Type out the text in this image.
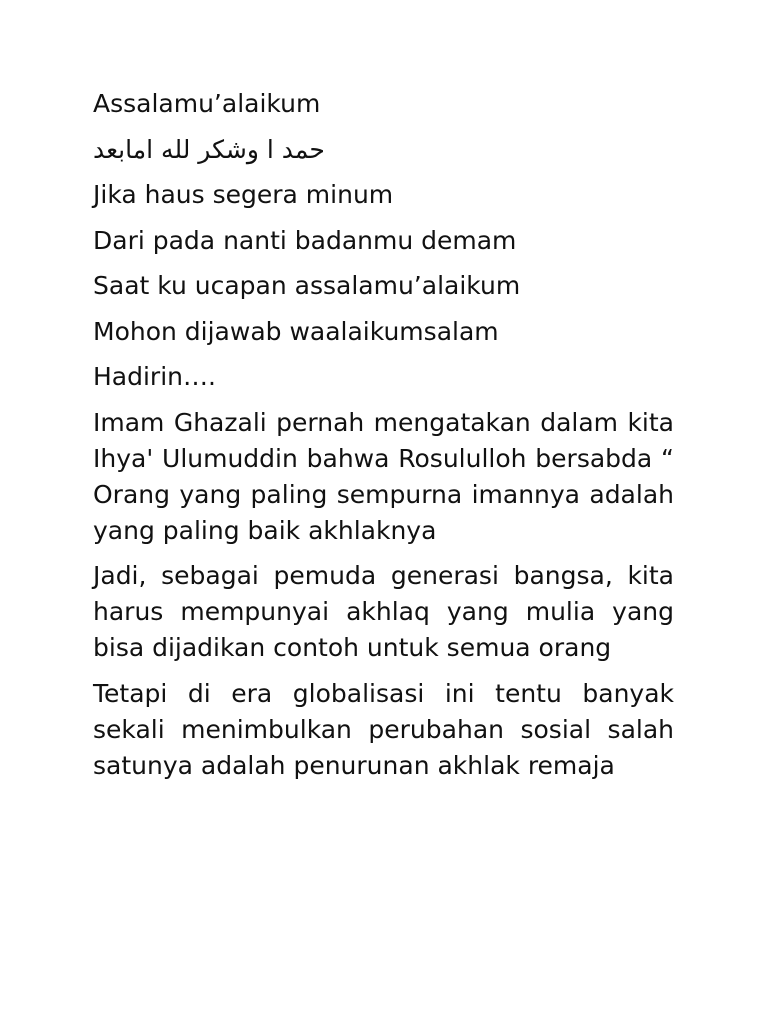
Assalamu’alaikum
حمد ا وشكر لله امابعد
Jika haus segera minum
Dari pada nanti badanmu demam
Saat ku ucapan assalamu’alaikum
Mohon dijawab waalaikumsalam
Hadirin….
Imam Ghazali pernah mengatakan dalam kita Ihya' Ulumuddin bahwa Rosululloh bersabda “ Orang yang paling sempurna imannya adalah yang paling baik akhlaknya
Jadi, sebagai pemuda generasi bangsa, kita harus mempunyai akhlaq yang mulia yang bisa dijadikan contoh untuk semua orang
Tetapi di era globalisasi ini tentu banyak sekali menimbulkan perubahan sosial salah satunya adalah penurunan akhlak remaja
